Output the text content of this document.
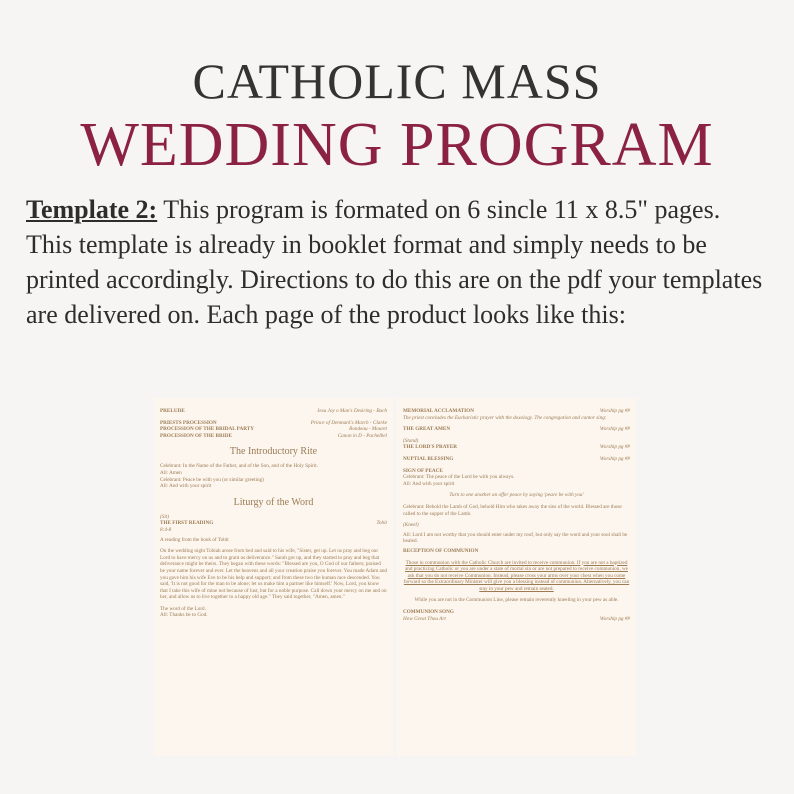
CATHOLIC MASS
WEDDING PROGRAM
Template 2: This program is formated on 6 sincle 11 x 8.5" pages. This template is already in booklet format and simply needs to be printed accordingly. Directions to do this are on the pdf your templates are delivered on. Each page of the product looks like this:
PRELUDE	Jesu Joy o Man's Desiring - Bach
PRIESTS PROCESSION	Prince of Denmark's March - Clarke
PROCESSION OF THE BRIDAL PARTY	Rondeau - Mouret
PROCESSION OF THE BRIDE	Canon in D - Pachelbel
The Introductory Rite
Celebrant: In the Name of the Father, and of the Son, and of the Holy Spirit.
All: Amen
Celebrant: Peace be with you (or similar greeting)
All: And with your spirit
Liturgy of the Word
(Sit)
THE FIRST READING	Tobit
8:4-8
A reading from the book of Tobit
On the wedding night Tobiah arose from bed and said to his wife, "Sister, get up. Let us pray and beg our Lord to have mercy on us and to grant us deliverance." Sarah got up, and they started to pray and beg that deliverance might be theirs. They began with these words: "Blessed are you, O God of our fathers; praised be your name forever and ever. Let the heavens and all your creation praise you forever. You made Adam and you gave him his wife Eve to be his help and support; and from these two the human race descended. You said, 'It is not good for the man to be alone; let us make him a partner like himself.' Now, Lord, you know that I take this wife of mine not because of lust, but for a noble purpose. Call down your mercy on me and on her, and allow us to live together to a happy old age." They said together, "Amen, amen."
The word of the Lord.
All: Thanks be to God.
MEMORIAL ACCLAMATION	Worship pg ##
The priest concludes the Eucharistic prayer with the doxology. The congregation and cantor sing:
THE GREAT AMEN	Worship pg ##
(Stand)
THE LORD'S PRAYER	Worship pg ##
NUPTIAL BLESSING	Worship pg ##
SIGN OF PEACE
Celebrant: The peace of the Lord be with you always.
All: And with your spirit
Turn to one another an offer peace by saying 'peace be with you'
Celebrant: Behold the Lamb of God, behold Him who takes away the sins of the world. Blessed are those called to the supper of the Lamb.
(Kneel)
All: Lord I am not worthy that you should enter under my roof, but only say the word and your soul shall be healed.
RECEPTION OF COMMUNION
Those in communion with the Catholic Church are invited to receive communion. If you are not a baptized and practicing Catholic or you are under a state of mortal sin or are not prepared to receive communion, we ask that you do not receive Communion. Instead, please cross your arms over your chest when you come forward so the Extraordinary Minister will give you a blessing instead of communion. Alternatively, you can stay in your pew and remain seated.
While you are not in the Communion Line, please remain reverently kneeling in your pew as able.
COMMUNION SONG
How Great Thou Art	Worship pg ##
